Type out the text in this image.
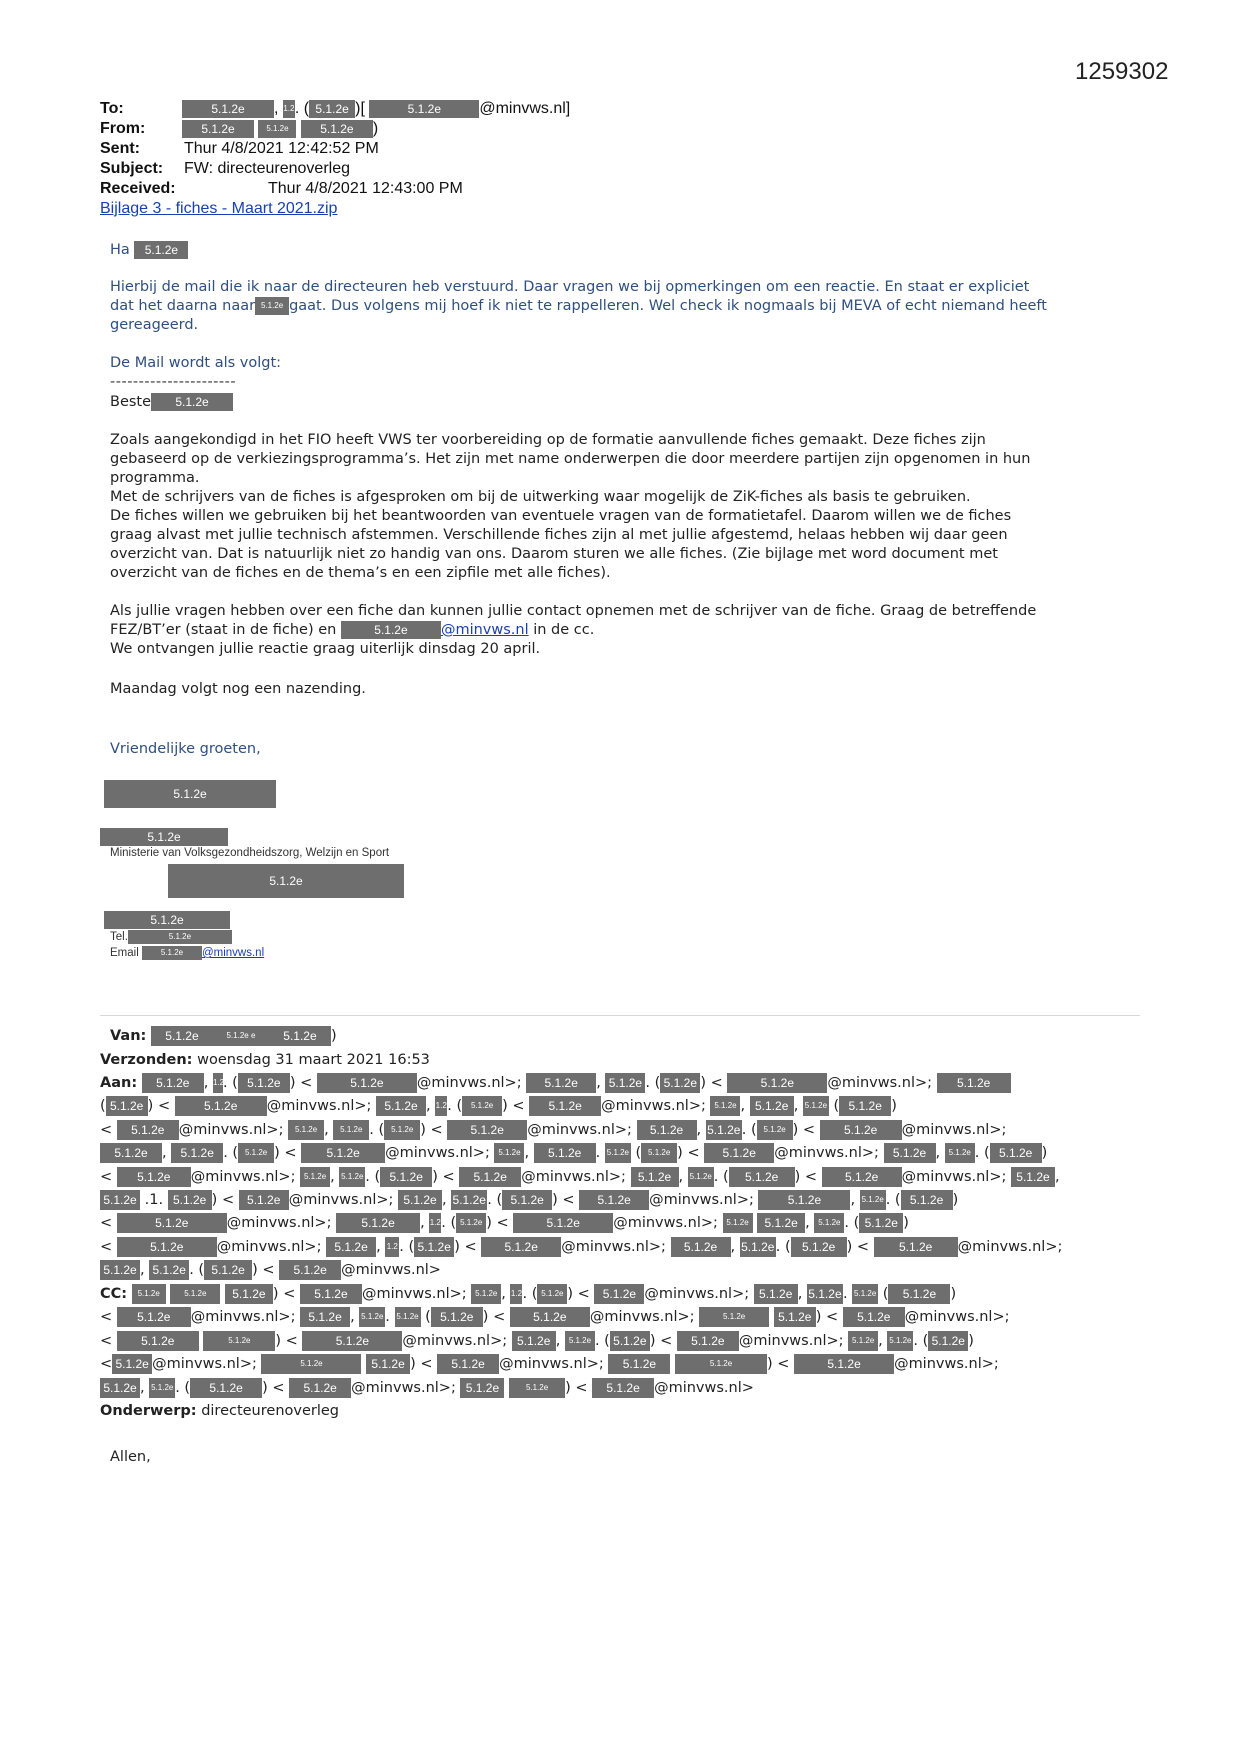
1259302
To:	5.1.2e , 1.2. ( 5.1.2e )[	5.1.2e @minvws.nl]
From:	5.1.2e	5.1.2e	5.1.2e )
Sent:	Thur 4/8/2021 12:42:52 PM
Subject: FW: directeurenoverleg
Received:	Thur 4/8/2021 12:43:00 PM
Bijlage 3 - fiches - Maart 2021.zip
Ha 5.1.2e
Hierbij de mail die ik naar de directeuren heb verstuurd. Daar vragen we bij opmerkingen om een reactie. En staat er expliciet
dat het daarna naar 5.1.2e gaat. Dus volgens mij hoef ik niet te rappelleren. Wel check ik nogmaals bij MEVA of echt niemand heeft
gereageerd.
De Mail wordt als volgt:
----------------------
Beste 5.1.2e
Zoals aangekondigd in het FIO heeft VWS ter voorbereiding op de formatie aanvullende fiches gemaakt. Deze fiches zijn
gebaseerd op de verkiezingsprogramma’s. Het zijn met name onderwerpen die door meerdere partijen zijn opgenomen in hun
programma.
Met de schrijvers van de fiches is afgesproken om bij de uitwerking waar mogelijk de ZiK-fiches als basis te gebruiken.
De fiches willen we gebruiken bij het beantwoorden van eventuele vragen van de formatietafel. Daarom willen we de fiches
graag alvast met jullie technisch afstemmen. Verschillende fiches zijn al met jullie afgestemd, helaas hebben wij daar geen
overzicht van. Dat is natuurlijk niet zo handig van ons. Daarom sturen we alle fiches. (Zie bijlage met word document met
overzicht van de fiches en de thema’s en een zipfile met alle fiches).
Als jullie vragen hebben over een fiche dan kunnen jullie contact opnemen met de schrijver van de fiche. Graag de betreffende
FEZ/BT’er (staat in de fiche) en	5.1.2e @minvws.nl in de cc.
We ontvangen jullie reactie graag uiterlijk dinsdag 20 april.
Maandag volgt nog een nazending.
Vriendelijke groeten,
5.1.2e
5.1.2e
Ministerie van Volksgezondheidszorg, Welzijn en Sport
5.1.2e
5.1.2e
Tel.	5.1.2e
Email	5.1.2e @minvws.nl
Van: 5.1.2e	5.1.2e e 5.1.2e )
Verzonden: woensdag 31 maart 2021 16:53
Aan: 5.1.2e , 1.2. ( 5.1.2e ) <	5.1.2e @minvws.nl>; 5.1.2e , 5.1.2e . ( 5.1.2e ) <	5.1.2e @minvws.nl>; 5.1.2e
( 5.1.2e ) < 5.1.2e @minvws.nl>; 5.1.2e , 1.2. ( 5.1.2e ) < 5.1.2e @minvws.nl>; 5.1.2e , 5.1.2e , 5.1.2e ( 5.1.2e )
< 5.1.2e @minvws.nl>; 5.1.2e , 5.1.2e . ( 5.1.2e ) < 5.1.2e @minvws.nl>; 5.1.2e , 5.1.2e. ( 5.1.2e ) < 5.1.2e @minvws.nl>;
5.1.2e , 5.1.2e . ( 5.1.2e ) < 5.1.2e @minvws.nl>; 5.1.2e , 5.1.2e . 5.1.2e ( 5.1.2e ) < 5.1.2e @minvws.nl>; 5.1.2e , 5.1.2e . ( 5.1.2e )
< 5.1.2e @minvws.nl>; 5.1.2e , 5.1.2e . ( 5.1.2e ) < 5.1.2e @minvws.nl>; 5.1.2e , 5.1.2e . ( 5.1.2e ) < 5.1.2e @minvws.nl>; 5.1.2e ,
5.1.2e .1. 5.1.2e ) < 5.1.2e @minvws.nl>; 5.1.2e , 5.1.2e. ( 5.1.2e ) < 5.1.2e @minvws.nl>;	5.1.2e , 5.1.2e . ( 5.1.2e )
<	5.1.2e	@minvws.nl>; 5.1.2e , 1.2. ( 5.1.2e ) <	5.1.2e @minvws.nl>; 5.1.2e 5.1.2e , 5.1.2e . ( 5.1.2e )
<	5.1.2e @minvws.nl>; 5.1.2e , 1.2. ( 5.1.2e ) < 5.1.2e @minvws.nl>; 5.1.2e , 5.1.2e. ( 5.1.2e ) < 5.1.2e @minvws.nl>;
5.1.2e , 5.1.2e . ( 5.1.2e ) < 5.1.2e @minvws.nl>
CC: 5.1.2e	5.1.2e 5.1.2e ) < 5.1.2e @minvws.nl>; 5.1.2e , 1.2. ( 5.1.2e ) < 5.1.2e @minvws.nl>; 5.1.2e , 5.1.2e. 5.1.2e ( 5.1.2e )
< 5.1.2e @minvws.nl>; 5.1.2e , 5.1.2e . 5.1.2e ( 5.1.2e ) < 5.1.2e @minvws.nl>;	5.1.2e	5.1.2e ) < 5.1.2e @minvws.nl>;
< 5.1.2e	5.1.2e ) <	5.1.2e @minvws.nl>; 5.1.2e , 5.1.2e . ( 5.1.2e ) < 5.1.2e @minvws.nl>; 5.1.2e , 5.1.2e . ( 5.1.2e )
< 5.1.2e @minvws.nl>;	5.1.2e	5.1.2e ) < 5.1.2e @minvws.nl>; 5.1.2e	5.1.2e ) <	5.1.2e @minvws.nl>;
5.1.2e , 5.1.2e . ( 5.1.2e ) < 5.1.2e @minvws.nl>; 5.1.2e	5.1.2e ) < 5.1.2e @minvws.nl>
Onderwerp: directeurenoverleg
Allen,
